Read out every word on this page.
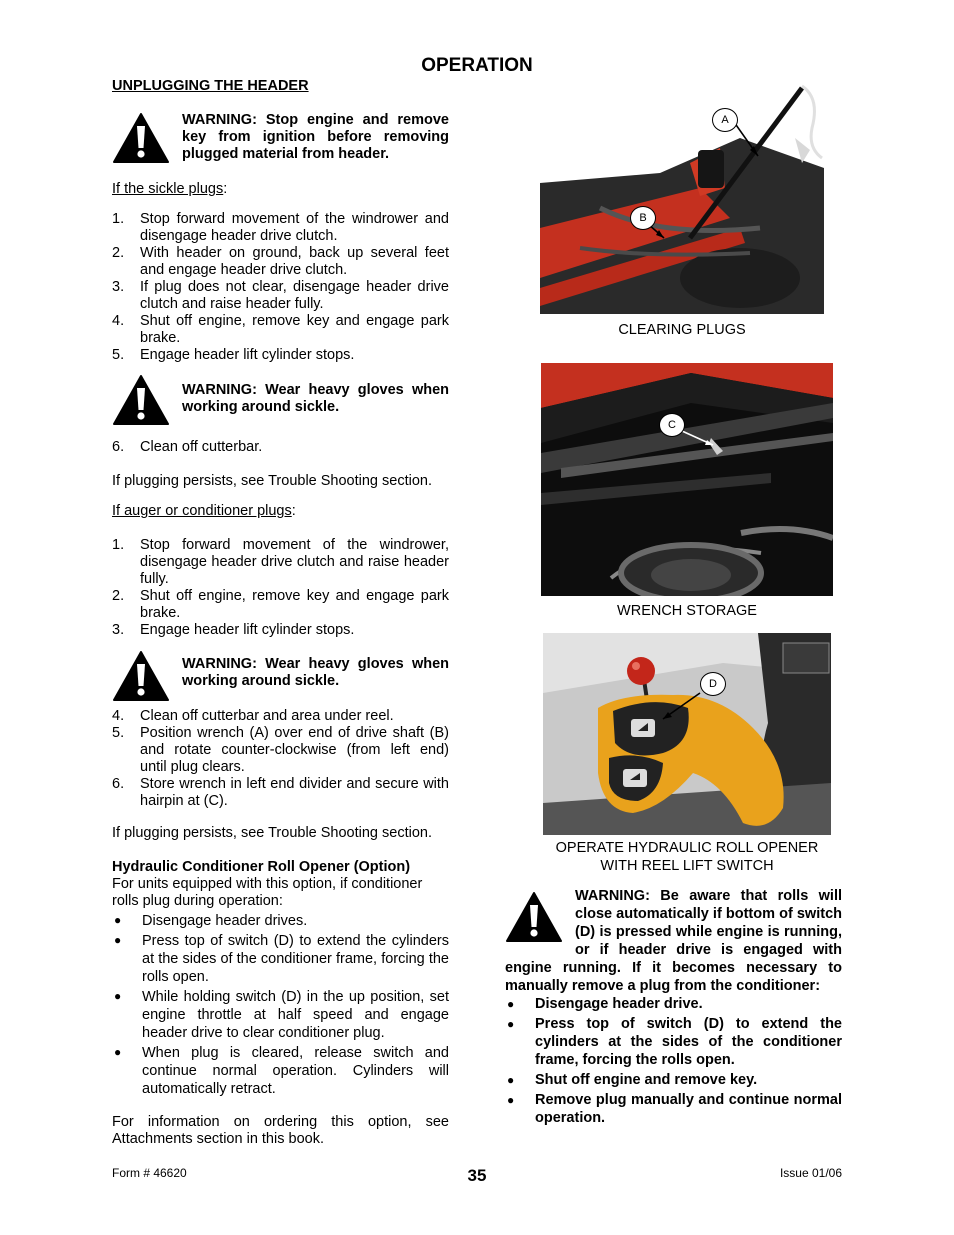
OPERATION
UNPLUGGING THE HEADER
WARNING: Stop engine and remove key from ignition before removing plugged material from header.
If the sickle plugs:
1.	Stop forward movement of the windrower and disengage header drive clutch.
2.	With header on ground, back up several feet and engage header drive clutch.
3.	If plug does not clear, disengage header drive clutch and raise header fully.
4.	Shut off engine, remove key and engage park brake.
5.	Engage header lift cylinder stops.
WARNING: Wear heavy gloves when working around sickle.
6.	Clean off cutterbar.
If plugging persists, see Trouble Shooting section.
If auger or conditioner plugs:
1.	Stop forward movement of the windrower, disengage header drive clutch and raise header fully.
2.	Shut off engine, remove key and engage park brake.
3.	Engage header lift cylinder stops.
WARNING: Wear heavy gloves when working around sickle.
4.	Clean off cutterbar and area under reel.
5.	Position wrench (A) over end of drive shaft (B) and rotate counter-clockwise (from left end) until plug clears.
6.	Store wrench in left end divider and secure with hairpin at (C).
If plugging persists, see Trouble Shooting section.
Hydraulic Conditioner Roll Opener (Option)
For units equipped with this option, if conditioner rolls plug during operation:
●	Disengage header drives.
●	Press top of switch (D) to extend the cylinders at the sides of the conditioner frame, forcing the rolls open.
●	While holding switch (D) in the up position, set engine throttle at half speed and engage header drive to clear conditioner plug.
●	When plug is cleared, release switch and continue normal operation. Cylinders will automatically retract.
For information on ordering this option, see Attachments section in this book.
A
B
CLEARING PLUGS
C
WRENCH STORAGE
D
OPERATE HYDRAULIC ROLL OPENER
WITH REEL LIFT SWITCH
WARNING: Be aware that rolls will close automatically if bottom of switch (D) is pressed while engine is running, or if header drive is engaged with engine running. If it becomes necessary to manually remove a plug from the conditioner:
●	Disengage header drive.
●	Press top of switch (D) to extend the cylinders at the sides of the conditioner frame, forcing the rolls open.
●	Shut off engine and remove key.
●	Remove plug manually and continue normal operation.
Form # 46620	35	Issue 01/06
